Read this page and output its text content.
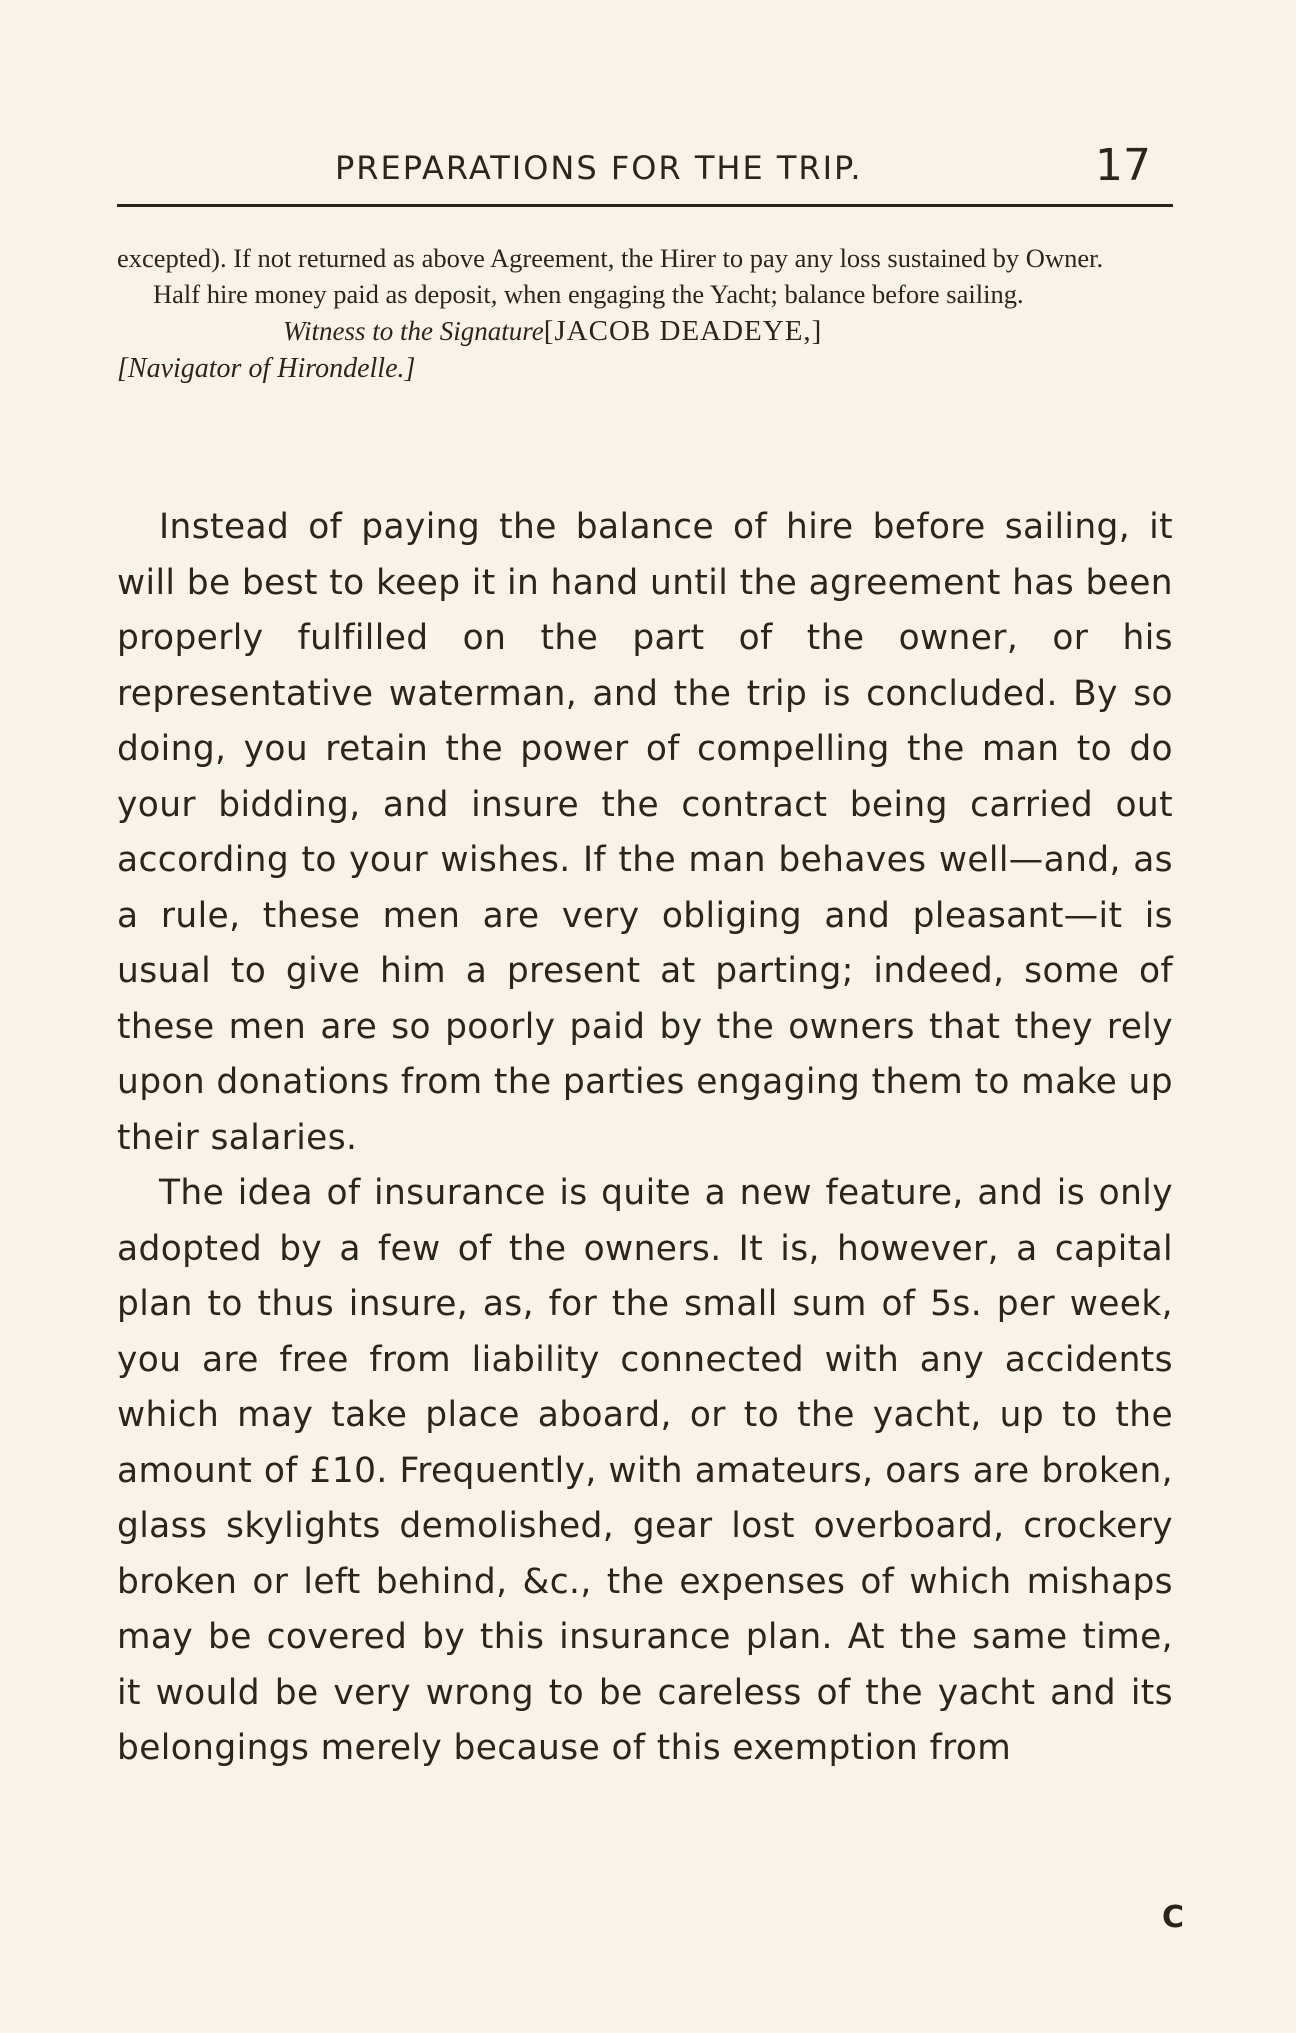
PREPARATIONS FOR THE TRIP.	17

excepted). If not returned as above Agreement, the Hirer to pay any loss sustained by Owner.

Half hire money paid as deposit, when engaging the Yacht; balance before sailing.

Witness to the Signature[JACOB DEADEYE,]

[Navigator of Hirondelle.]

Instead of paying the balance of hire before sailing, it will be best to keep it in hand until the agreement has been properly fulfilled on the part of the owner, or his representative waterman, and the trip is concluded. By so doing, you retain the power of compelling the man to do your bidding, and insure the contract being carried out according to your wishes. If the man behaves well—and, as a rule, these men are very obliging and pleasant—it is usual to give him a present at parting; indeed, some of these men are so poorly paid by the owners that they rely upon donations from the parties engaging them to make up their salaries.

The idea of insurance is quite a new feature, and is only adopted by a few of the owners. It is, however, a capital plan to thus insure, as, for the small sum of 5s. per week, you are free from liability connected with any accidents which may take place aboard, or to the yacht, up to the amount of £10. Frequently, with amateurs, oars are broken, glass skylights demolished, gear lost overboard, crockery broken or left behind, &c., the expenses of which mishaps may be covered by this insurance plan. At the same time, it would be very wrong to be careless of the yacht and its belongings merely because of this exemption from

C
